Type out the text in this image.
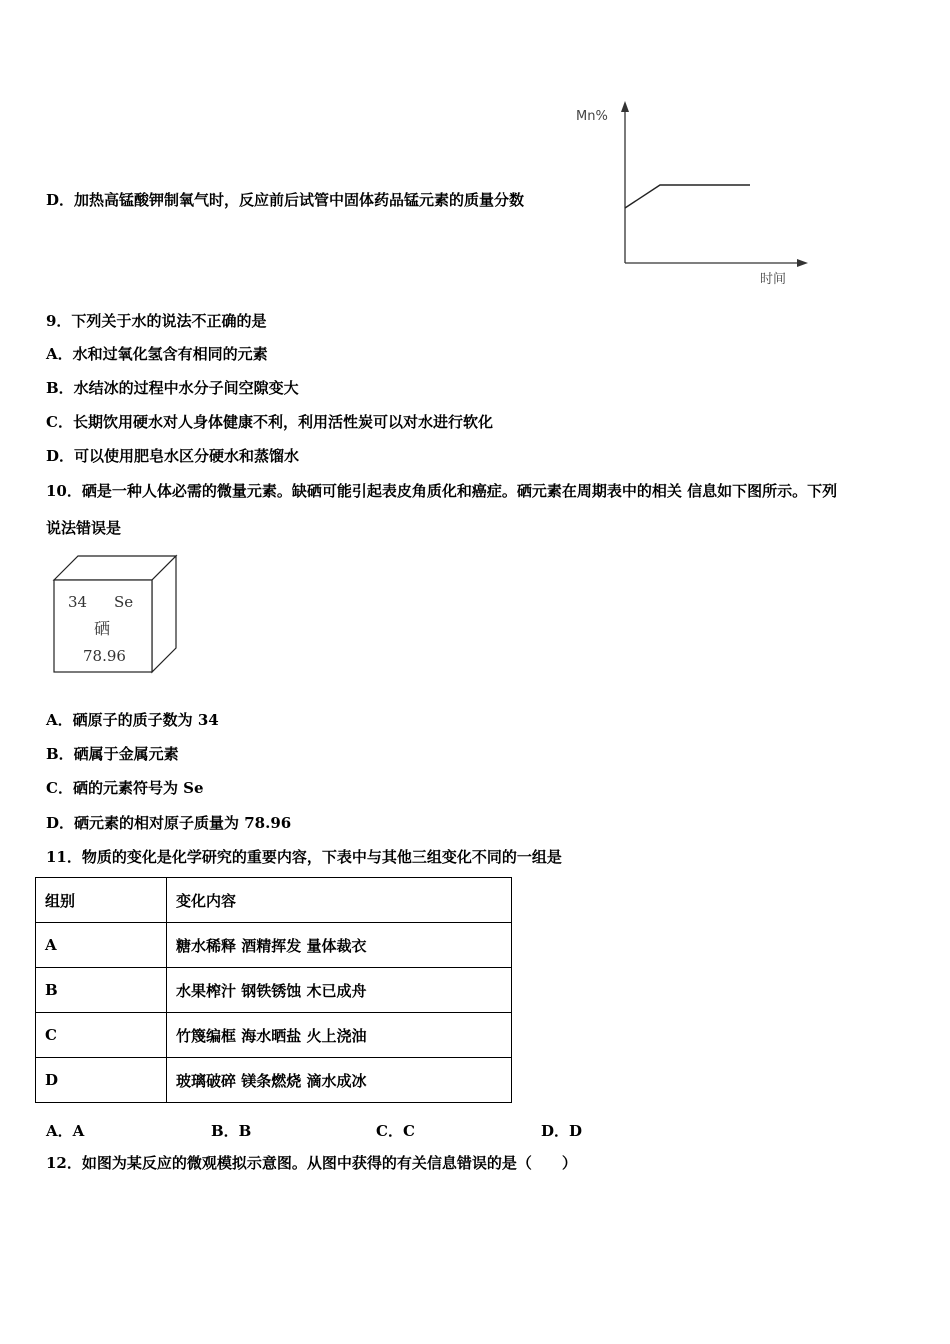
D．加热高锰酸钾制氧气时，反应前后试管中固体药品锰元素的质量分数
Mn%
时间
9．下列关于水的说法不正确的是
A．水和过氧化氢含有相同的元素
B．水结冰的过程中水分子间空隙变大
C．长期饮用硬水对人身体健康不利，利用活性炭可以对水进行软化
D．可以使用肥皂水区分硬水和蒸馏水
10．硒是一种人体必需的微量元素。缺硒可能引起表皮角质化和癌症。硒元素在周期表中的相关 信息如下图所示。下列
说法错误是
34 Se
硒
78.96
A．硒原子的质子数为 34
B．硒属于金属元素
C．硒的元素符号为 Se
D．硒元素的相对原子质量为 78.96
11．物质的变化是化学研究的重要内容，下表中与其他三组变化不同的一组是
组别	变化内容
A	糖水稀释 酒精挥发 量体裁衣
B	水果榨汁 钢铁锈蚀 木已成舟
C	竹篾编框 海水晒盐 火上浇油
D	玻璃破碎 镁条燃烧 滴水成冰
A．A	B．B	C．C	D．D
12．如图为某反应的微观模拟示意图。从图中获得的有关信息错误的是（　　）
